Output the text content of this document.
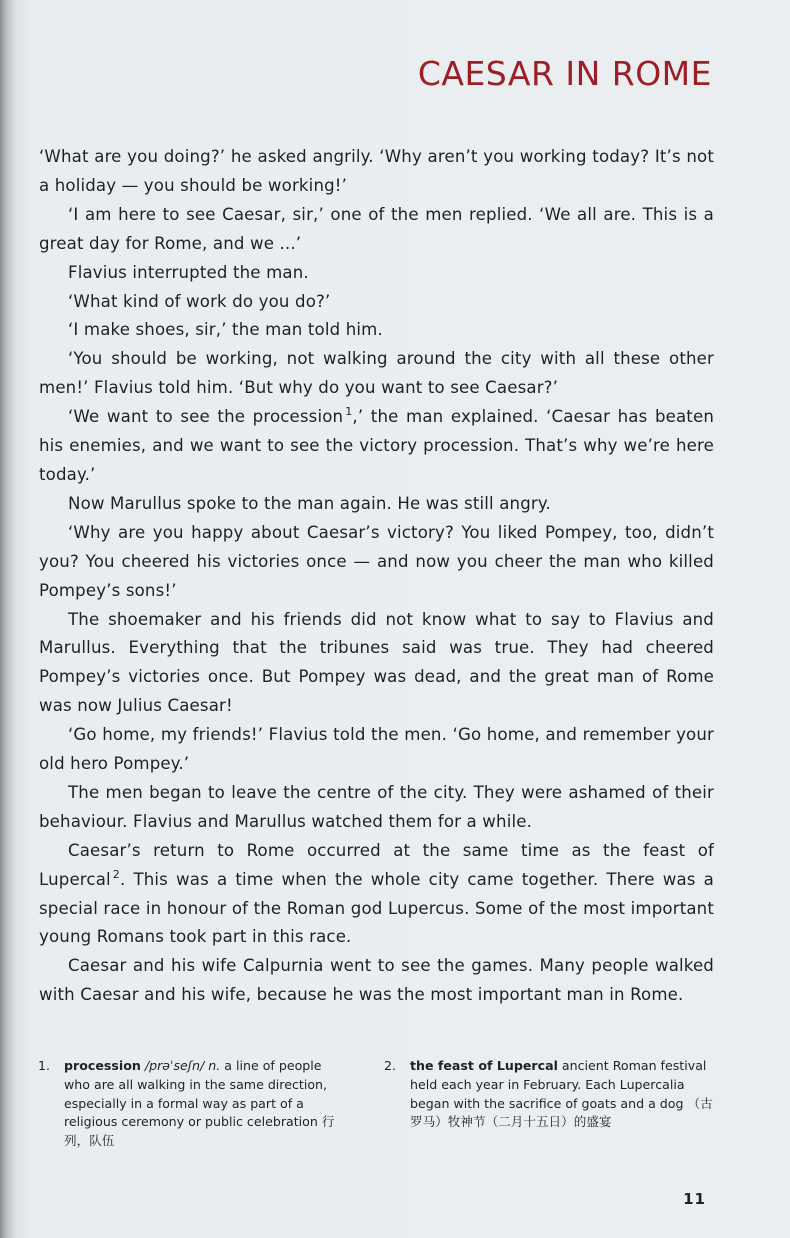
CAESAR IN ROME

‘What are you doing?’ he asked angrily. ‘Why aren’t you working today? It’s not a holiday — you should be working!’

‘I am here to see Caesar, sir,’ one of the men replied. ‘We all are. This is a great day for Rome, and we ...’

Flavius interrupted the man.

‘What kind of work do you do?’

‘I make shoes, sir,’ the man told him.

‘You should be working, not walking around the city with all these other men!’ Flavius told him. ‘But why do you want to see Caesar?’

‘We want to see the procession $^1$,’ the man explained. ‘Caesar has beaten his enemies, and we want to see the victory procession. That’s why we’re here today.’

Now Marullus spoke to the man again. He was still angry.

‘Why are you happy about Caesar’s victory? You liked Pompey, too, didn’t you? You cheered his victories once — and now you cheer the man who killed Pompey’s sons!’

The shoemaker and his friends did not know what to say to Flavius and Marullus. Everything that the tribunes said was true. They had cheered Pompey’s victories once. But Pompey was dead, and the great man of Rome was now Julius Caesar!

‘Go home, my friends!’ Flavius told the men. ‘Go home, and remember your old hero Pompey.’

The men began to leave the centre of the city. They were ashamed of their behaviour. Flavius and Marullus watched them for a while.

Caesar’s return to Rome occurred at the same time as the feast of Lupercal $^2$. This was a time when the whole city came together. There was a special race in honour of the Roman god Lupercus. Some of the most important young Romans took part in this race.

Caesar and his wife Calpurnia went to see the games. Many people walked with Caesar and his wife, because he was the most important man in Rome.

1. procession /prəˈseʃn/ n. a line of people who are all walking in the same direction, especially in a formal way as part of a religious ceremony or public celebration 行列，队伍
2. the feast of Lupercal ancient Roman festival held each year in February. Each Lupercalia began with the sacrifice of goats and a dog （古罗马）牧神节（二月十五日）的盛宴
11
